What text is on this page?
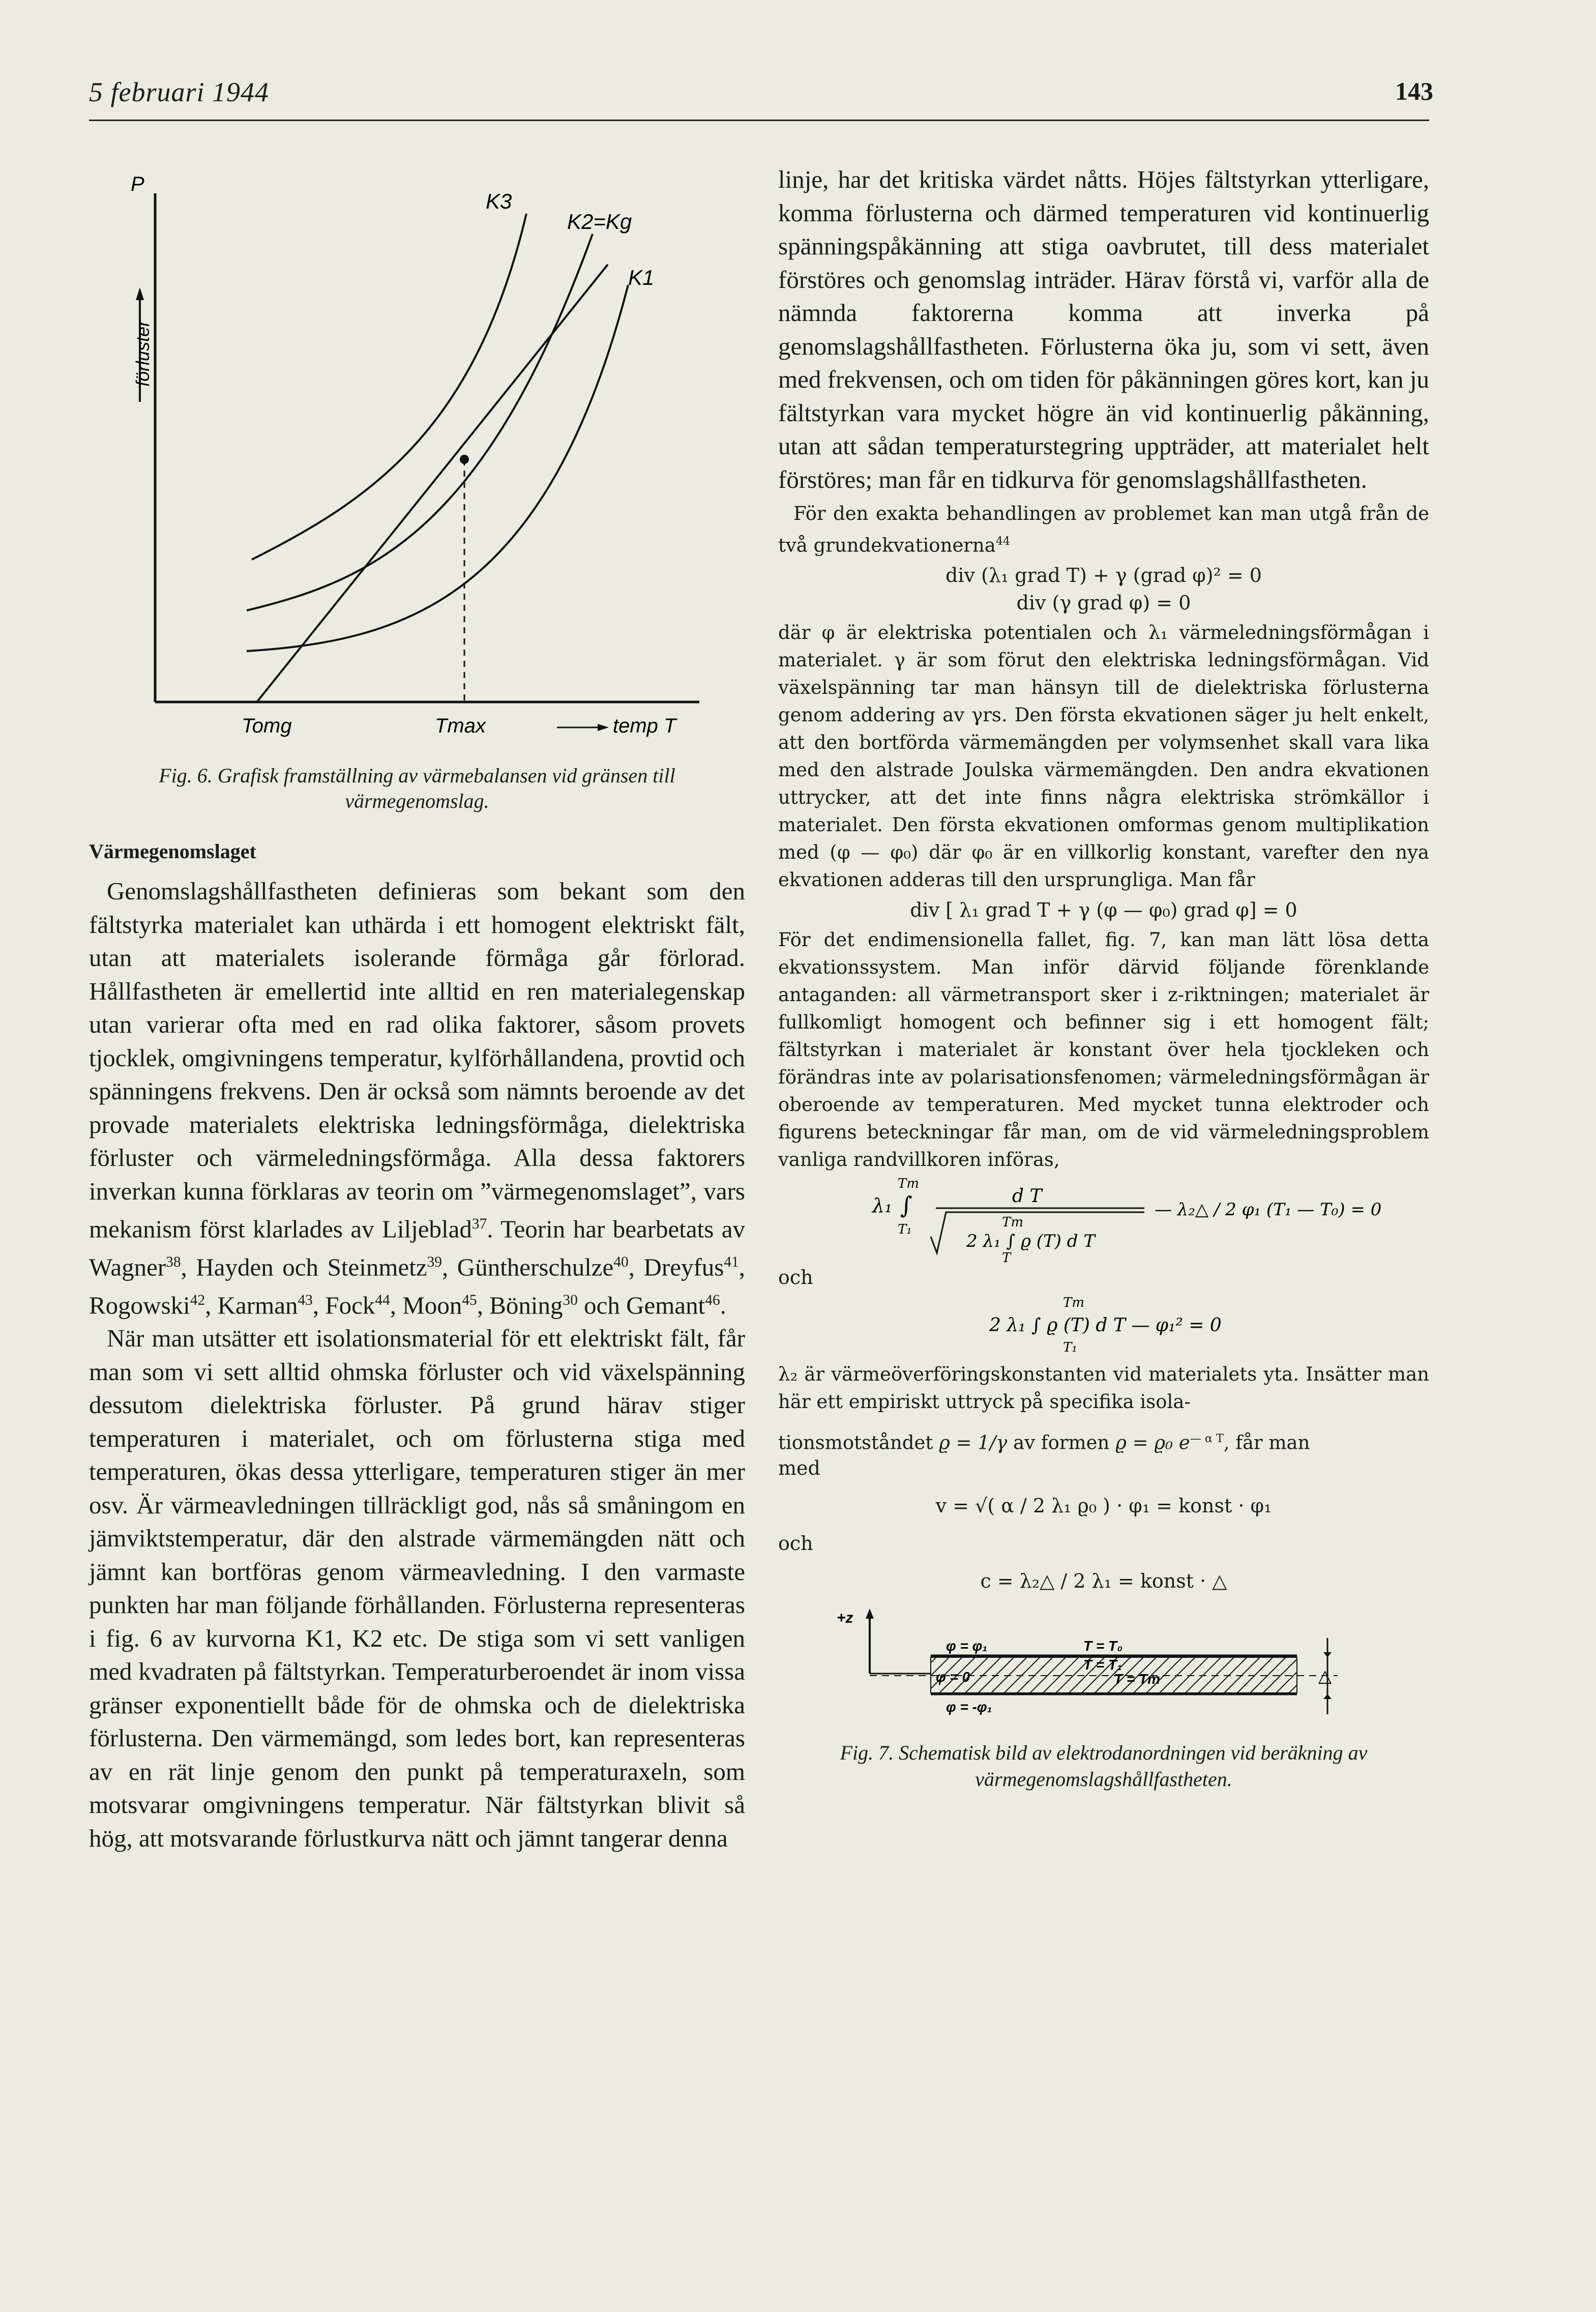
5 februari 1944	143
P
förluster
K3
K2=Kg
K1
Tomg	Tmax	temp T
Fig. 6. Grafisk framställning av värmebalansen vid gränsen till värmegenomslag.
Värmegenomslaget

Genomslagshållfastheten definieras som bekant som den fältstyrka materialet kan uthärda i ett homogent elektriskt fält, utan att materialets isolerande förmåga går förlorad. Hållfastheten är emellertid inte alltid en ren materialegenskap utan varierar ofta med en rad olika faktorer, såsom provets tjocklek, omgivningens temperatur, kylförhållandena, provtid och spänningens frekvens. Den är också som nämnts beroende av det provade materialets elektriska ledningsförmåga, dielektriska förluster och värmeledningsförmåga. Alla dessa faktorers inverkan kunna förklaras av teorin om ”värmegenomslaget”, vars mekanism först klarlades av Liljeblad$^{37}$. Teorin har bearbetats av Wagner$^{38}$, Hayden och Steinmetz$^{39}$, Güntherschulze$^{40}$, Dreyfus$^{41}$, Rogowski$^{42}$, Karman$^{43}$, Fock$^{44}$, Moon$^{45}$, Böning$^{30}$ och Gemant$^{46}$.

När man utsätter ett isolationsmaterial för ett elektriskt fält, får man som vi sett alltid ohmska förluster och vid växelspänning dessutom dielektriska förluster. På grund härav stiger temperaturen i materialet, och om förlusterna stiga med temperaturen, ökas dessa ytterligare, temperaturen stiger än mer osv. Är värmeavledningen tillräckligt god, nås så småningom en jämviktstemperatur, där den alstrade värmemängden nätt och jämnt kan bortföras genom värmeavledning. I den varmaste punkten har man följande förhållanden. Förlusterna representeras i fig. 6 av kurvorna K1, K2 etc. De stiga som vi sett vanligen med kvadraten på fältstyrkan. Temperaturberoendet är inom vissa gränser exponentiellt både för de ohmska och de dielektriska förlusterna. Den värmemängd, som ledes bort, kan representeras av en rät linje genom den punkt på temperaturaxeln, som motsvarar omgivningens temperatur. När fältstyrkan blivit så hög, att motsvarande förlustkurva nätt och jämnt tangerar denna

linje, har det kritiska värdet nåtts. Höjes fältstyrkan ytterligare, komma förlusterna och därmed temperaturen vid kontinuerlig spänningspåkänning att stiga oavbrutet, till dess materialet förstöres och genomslag inträder. Härav förstå vi, varför alla de nämnda faktorerna komma att inverka på genomslagshållfastheten. Förlusterna öka ju, som vi sett, även med frekvensen, och om tiden för påkänningen göres kort, kan ju fältstyrkan vara mycket högre än vid kontinuerlig påkänning, utan att sådan temperaturstegring uppträder, att materialet helt förstöres; man får en tidkurva för genomslagshållfastheten.

För den exakta behandlingen av problemet kan man utgå från de två grundekvationerna$^{44}$

div (λ₁ grad T) + γ (grad φ)² = 0
div (γ grad φ) = 0

där φ är elektriska potentialen och λ₁ värmeledningsförmågan i materialet. γ är som förut den elektriska ledningsförmågan. Vid växelspänning tar man hänsyn till de dielektriska förlusterna genom addering av γrs. Den första ekvationen säger ju helt enkelt, att den bortförda värmemängden per volymsenhet skall vara lika med den alstrade Joulska värmemängden. Den andra ekvationen uttrycker, att det inte finns några elektriska strömkällor i materialet. Den första ekvationen omformas genom multiplikation med (φ — φ₀) där φ₀ är en villkorlig konstant, varefter den nya ekvationen adderas till den ursprungliga. Man får

div [ λ₁ grad T + γ (φ — φ₀) grad φ] = 0

För det endimensionella fallet, fig. 7, kan man lätt lösa detta ekvationssystem. Man inför därvid följande förenklande antaganden: all värmetransport sker i z-riktningen; materialet är fullkomligt homogent och befinner sig i ett homogent fält; fältstyrkan i materialet är konstant över hela tjockleken och förändras inte av polarisationsfenomen; värmeledningsförmågan är oberoende av temperaturen. Med mycket tunna elektroder och figurens beteckningar får man, om de vid värmeledningsproblem vanliga randvillkoren införas,

Tm
λ₁ ∫
T₁
d T
Tm
2 λ₁ ∫ ϱ (T) d T
T
— λ₂△ / 2 φ₁ (T₁ — T₀) = 0

och

Tm
2 λ₁ ∫ ϱ (T) d T — φ₁² = 0
T₁

λ₂ är värmeöverföringskonstanten vid materialets yta. Insätter man här ett empiriskt uttryck på specifika isola-

tionsmotståndet ϱ = 1/γ av formen ϱ = ϱ₀ $e^{— \alpha T}$, får man

med

v = √( α / 2 λ₁ ϱ₀ ) · φ₁ = konst · φ₁

och

c = λ₂△ / 2 λ₁ = konst · △
+z
φ = φ₁
φ = 0
φ = -φ₁
T = T₀
T = T₁
T = Tm	△
Fig. 7. Schematisk bild av elektrodanordningen vid beräkning av värmegenomslagshållfastheten.
